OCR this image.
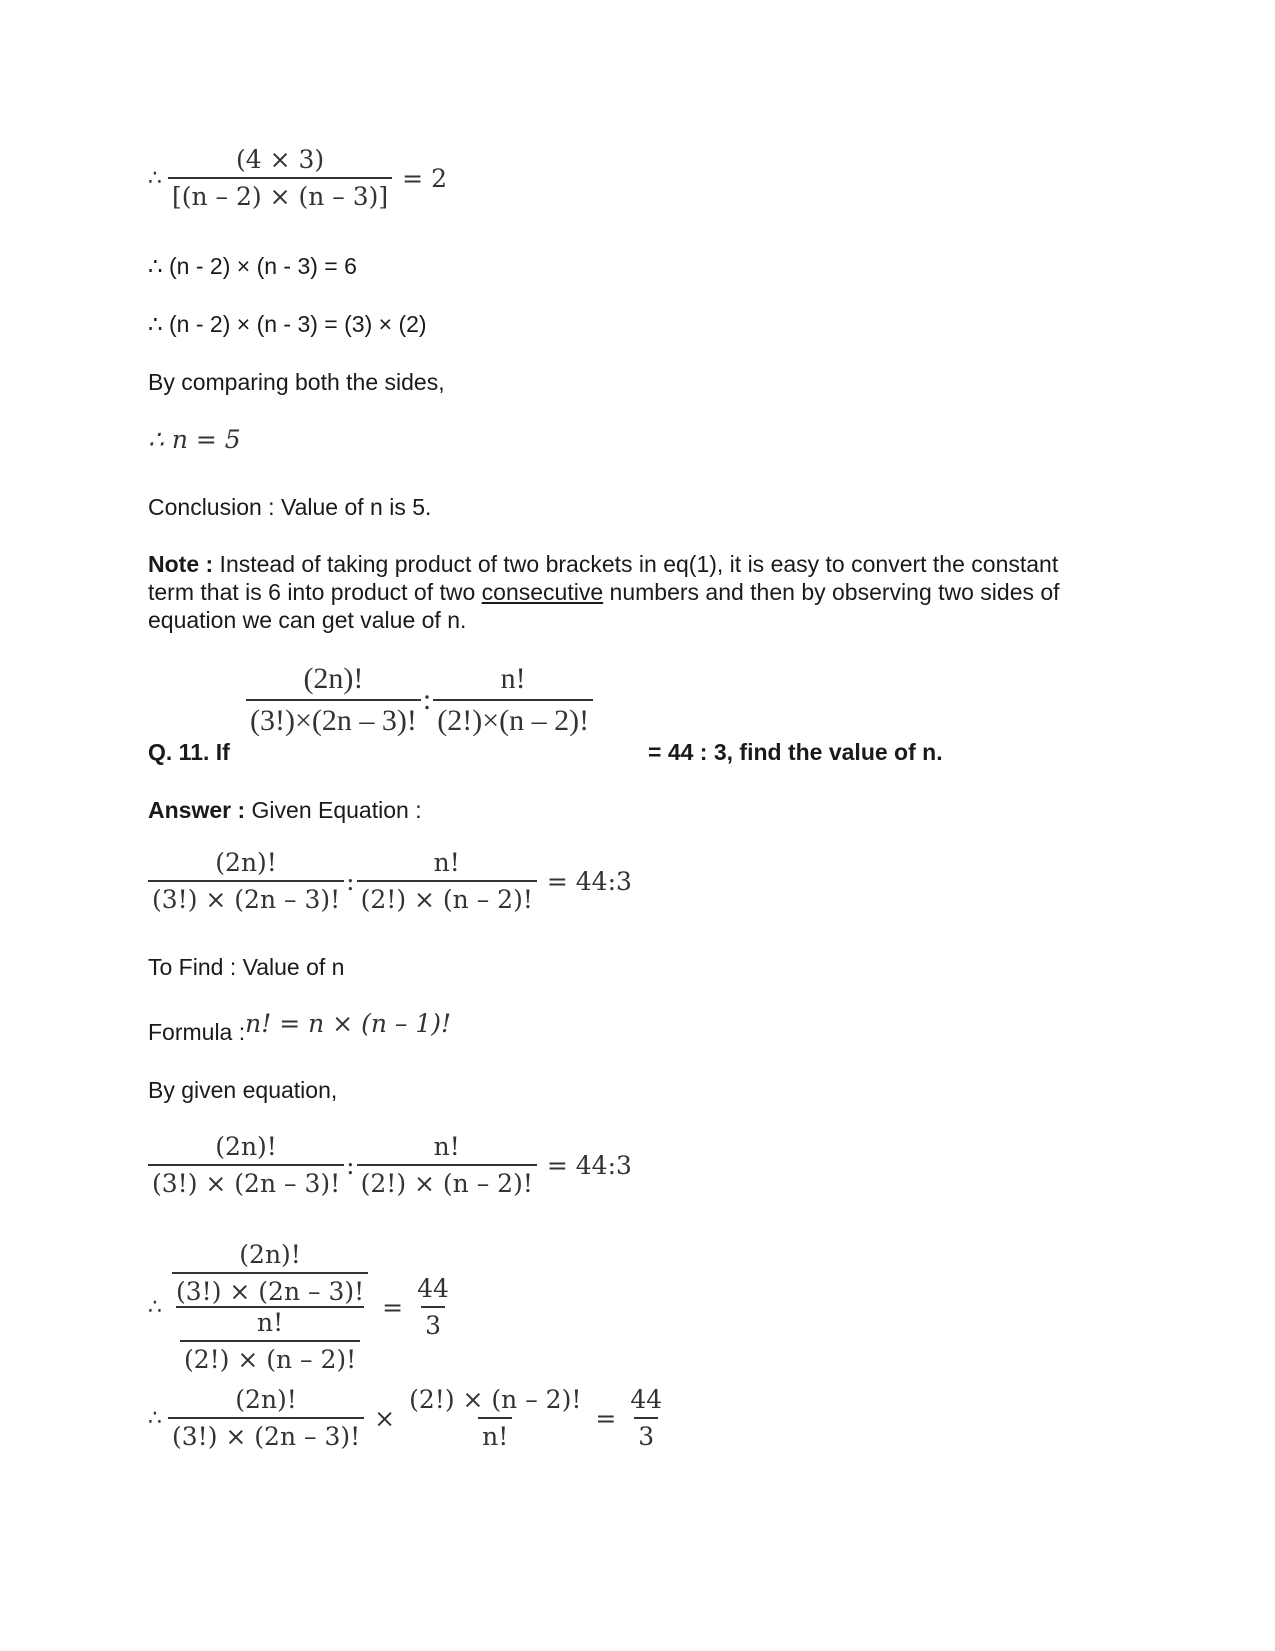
∴ $\frac{(4 \times 3)}{[(n - 2) \times (n - 3)]} = 2$
∴ (n - 2) × (n - 3) = 6
∴ (n - 2) × (n - 3) = (3) × (2)
By comparing both the sides,
∴ n = 5
Conclusion : Value of n is 5.
Note : Instead of taking product of two brackets in eq(1), it is easy to convert the constant term that is 6 into product of two consecutive numbers and then by observing two sides of equation we can get value of n.
Q. 11. If
$\frac{(2n)!}{(3!)\times(2n - 3)!}$ : $\frac{n!}{(2!)\times(n - 2)!}$
= 44 : 3, find the value of n.
Answer : Given Equation :
$\frac{(2n)!}{(3!) \times (2n - 3)!}$ : $\frac{n!}{(2!) \times (n - 2)!}$ = 44:3
To Find : Value of n
Formula : n! = n × (n – 1)!
By given equation,
$\frac{(2n)!}{(3!) \times (2n - 3)!}$ : $\frac{n!}{(2!) \times (n - 2)!}$ = 44:3
∴ $\frac{\frac{(2n)!}{(3!) \times (2n - 3)!}}{\frac{n!}{(2!) \times (n - 2)!}} = \frac{44}{3}$
∴ $\frac{(2n)!}{(3!) \times (2n - 3)!} \times \frac{(2!) \times (n - 2)!}{n!} = \frac{44}{3}$
